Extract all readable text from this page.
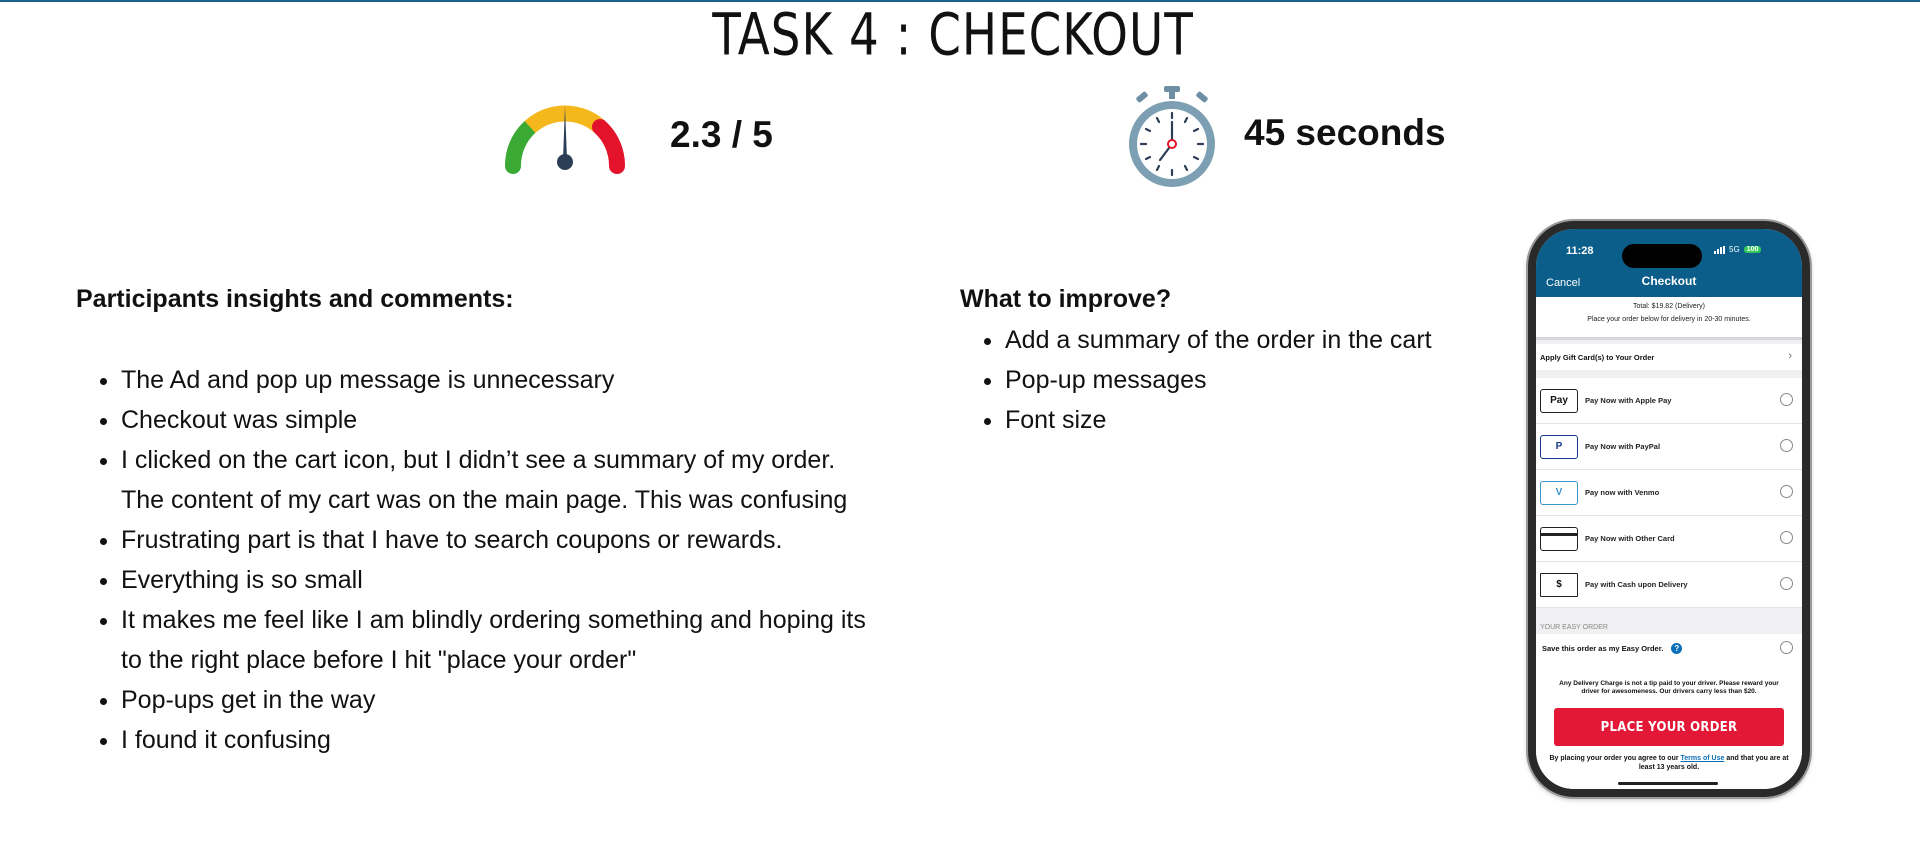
TASK 4 : CHECKOUT
2.3 / 5	45 seconds
Participants insights and comments:
• The Ad and pop up message is unnecessary
• Checkout was simple
• I clicked on the cart icon, but I didn’t see a summary of my order. The content of my cart was on the main page. This was confusing
• Frustrating part is that I have to search coupons or rewards.
• Everything is so small
• It makes me feel like I am blindly ordering something and hoping its to the right place before I hit "place your order"
• Pop-ups get in the way
• I found it confusing
What to improve?
• Add a summary of the order in the cart
• Pop-up messages
• Font size
11:28	5G	100
Cancel	Checkout
Total: $19.82 (Delivery)
Place your order below for delivery in 20-30 minutes.
Apply Gift Card(s) to Your Order	›
Pay Pay Now with Apple Pay
P	Pay Now with PayPal
V	Pay now with Venmo
Pay Now with Other Card
$	Pay with Cash upon Delivery
YOUR EASY ORDER
Save this order as my Easy Order.	?
Any Delivery Charge is not a tip paid to your driver. Please reward your driver for awesomeness. Our drivers carry less than $20.
PLACE YOUR ORDER
By placing your order you agree to our Terms of Use and that you are at least 13 years old.
